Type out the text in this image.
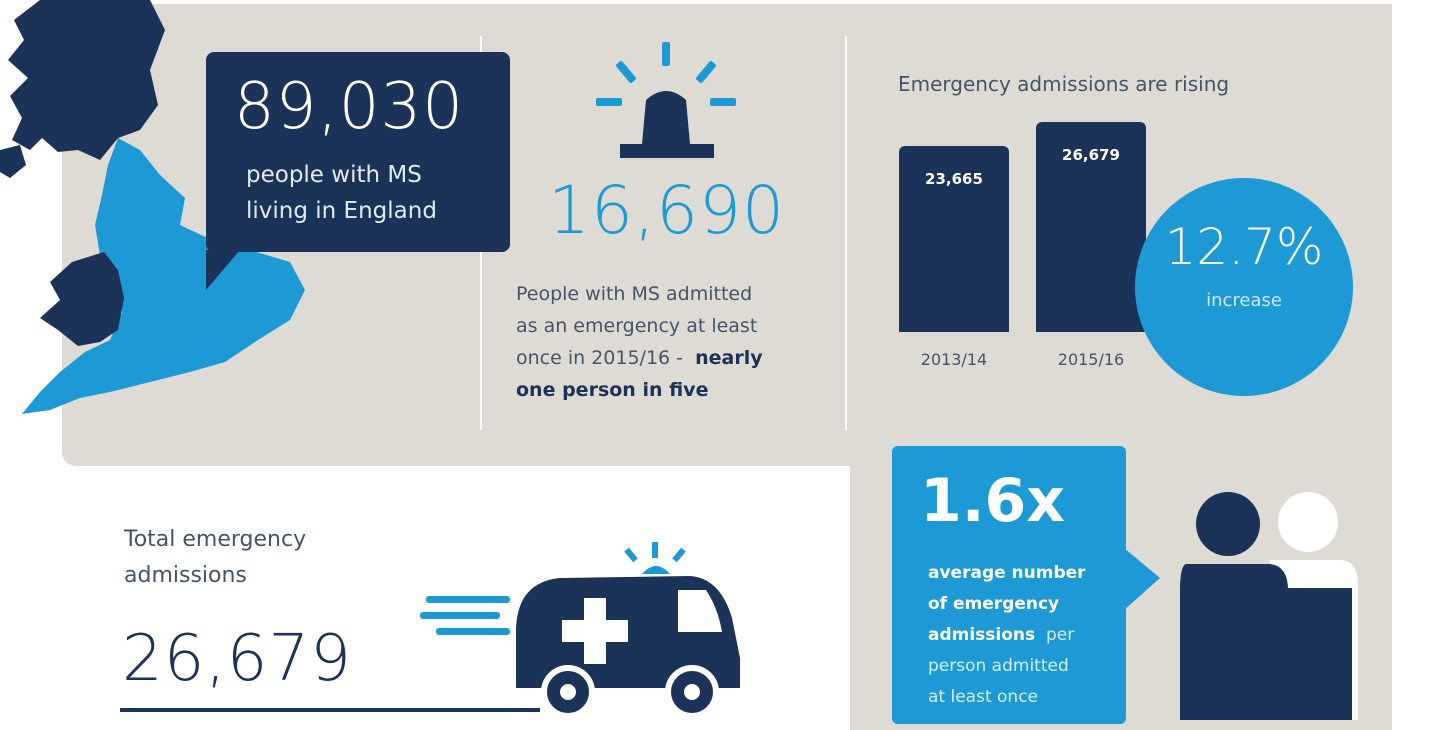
89,030
people with MS
living in England 16,690
People with MS admitted
as an emergency at least
once in 2015/16 - nearly
one person in five
Emergency admissions are rising
23,665
2013/14
26,679
2015/16
12.7%
increase
Total emergency
admissions
26,679
1.6x
average number
of emergency
admissions per
person admitted
at least once
